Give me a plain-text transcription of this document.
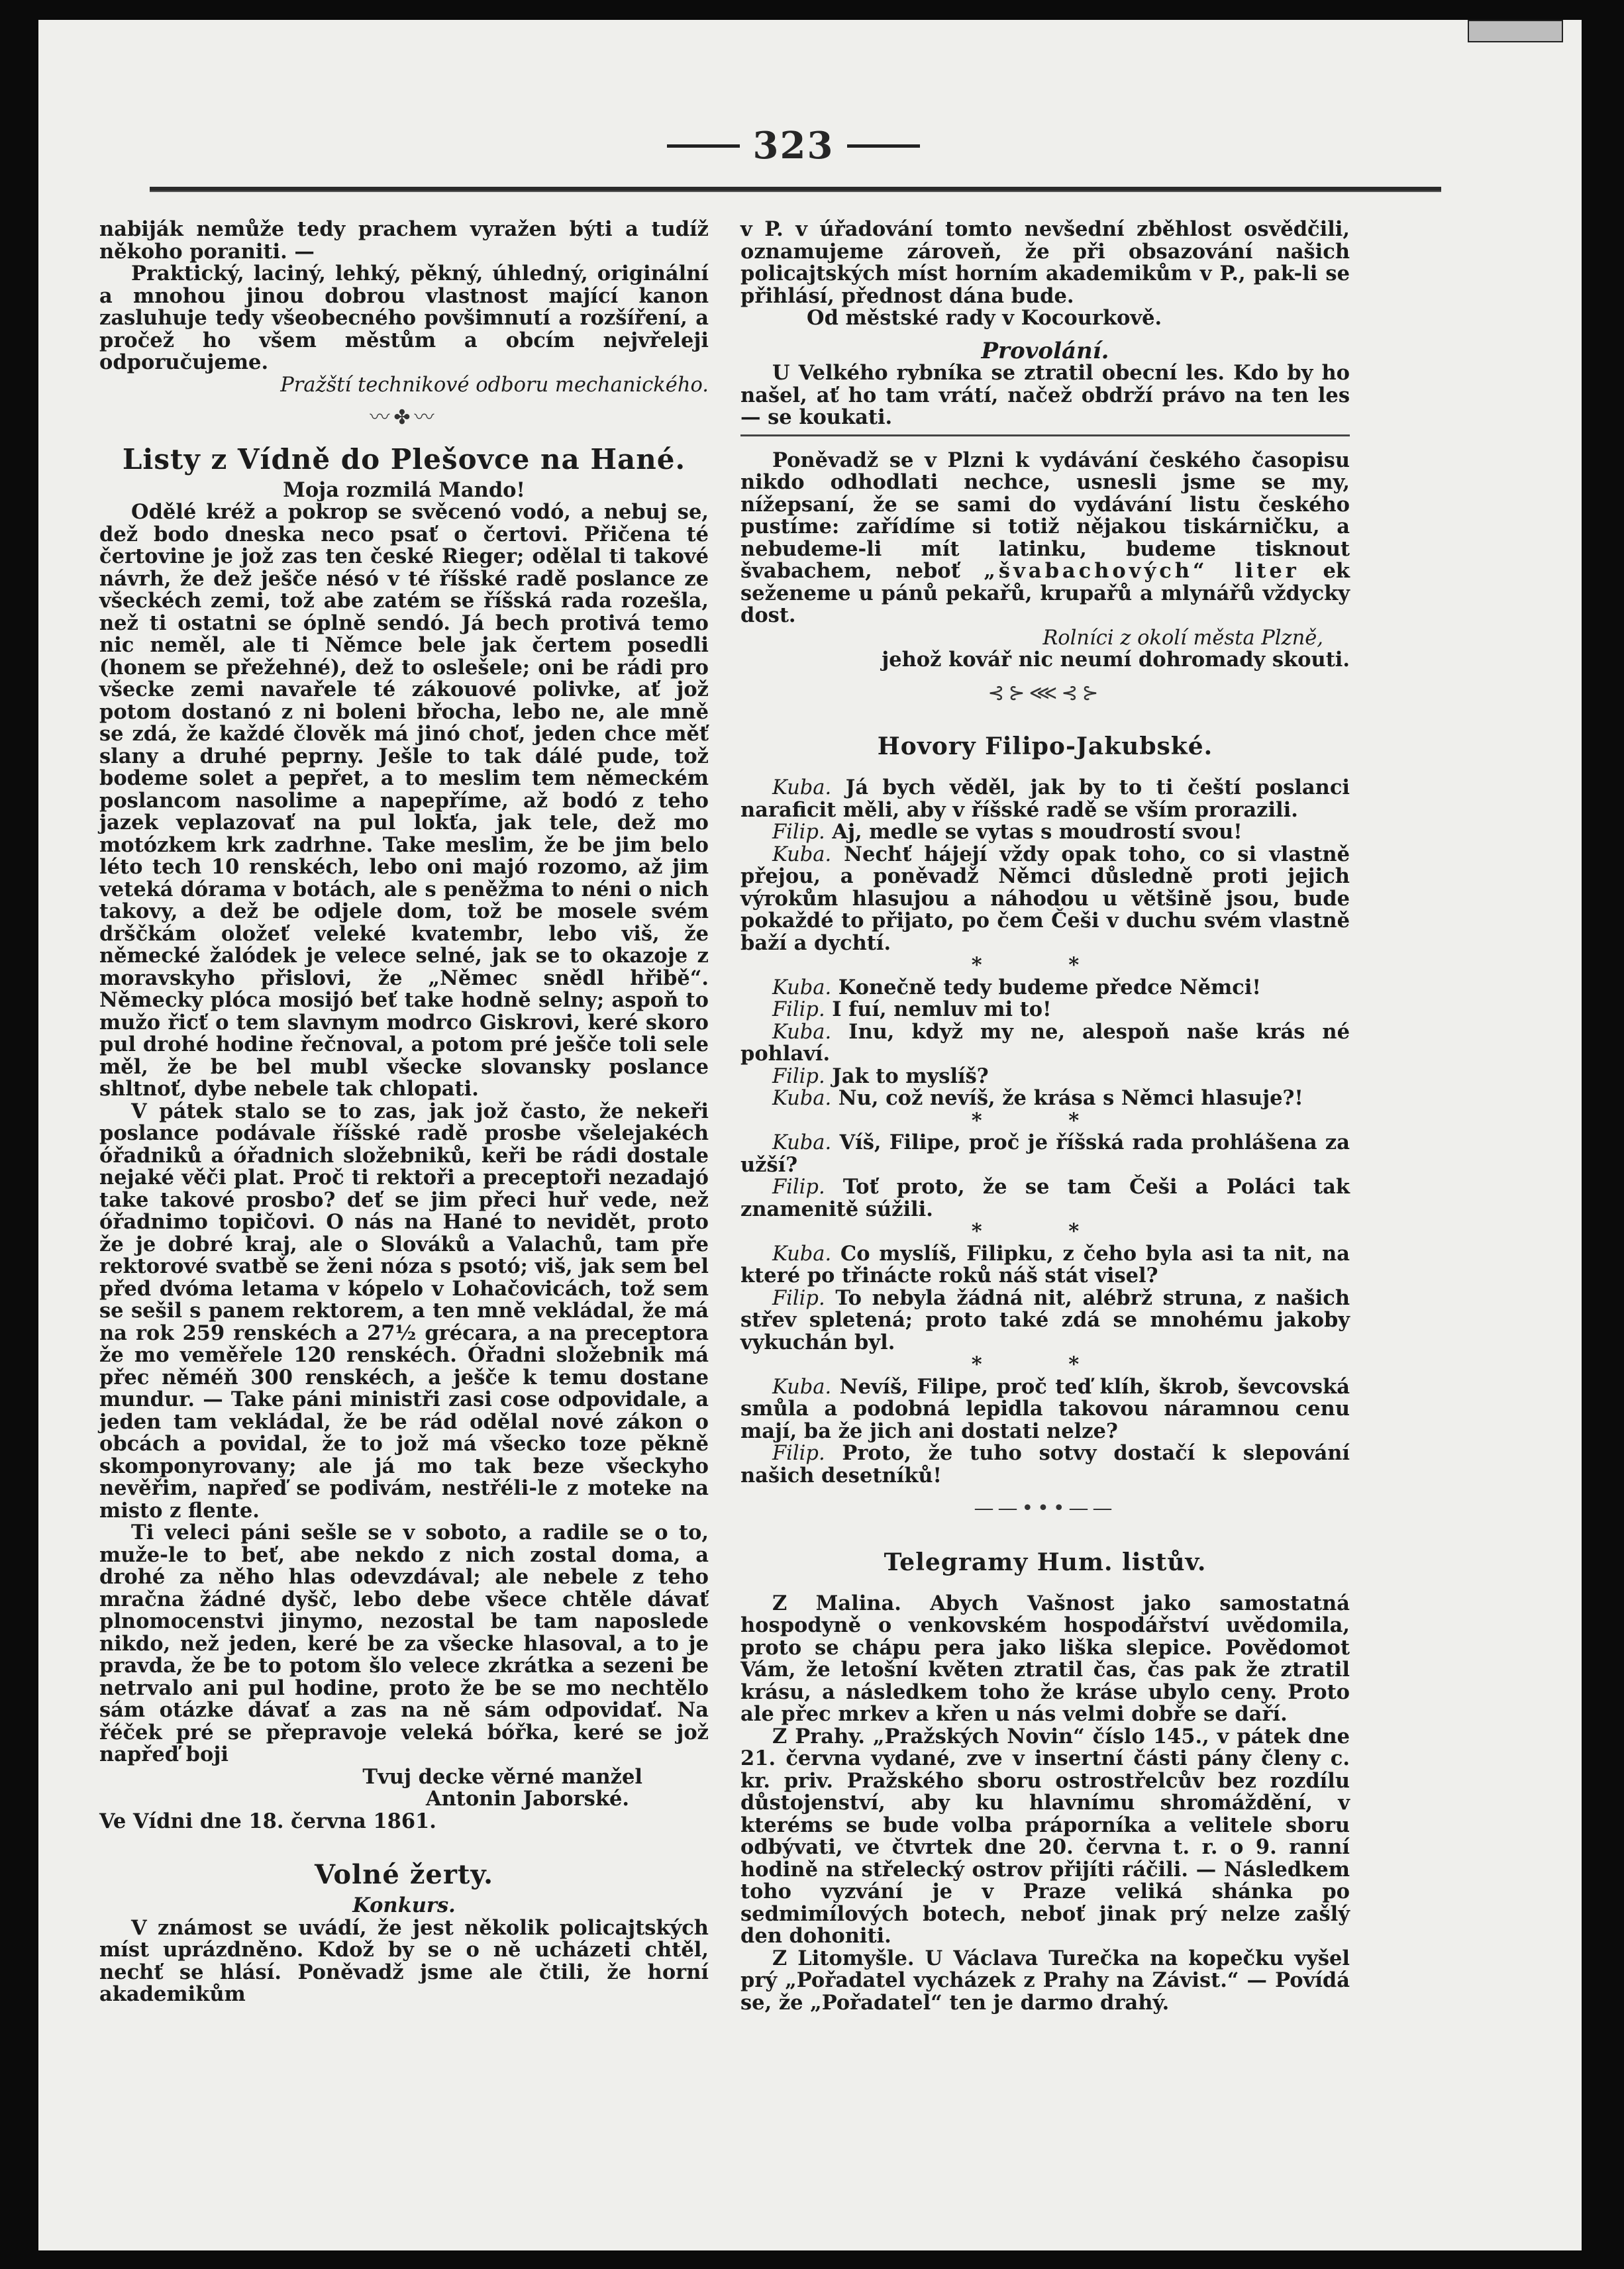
323

nabiják nemůže tedy prachem vyražen býti a tudíž někoho poraniti. —

Praktický, laciný, lehký, pěkný, úhledný, originální a mnohou jinou dobrou vlastnost mající kanon zasluhuje tedy všeobecného povšimnutí a rozšíření, a pročež ho všem městům a obcím nejvřeleji odporučujeme.

Pražští technikové odboru mechanického.

〰✤〰

Listy z Vídně do Plešovce na Hané.

Moja rozmilá Mando!

Odělé kréž a pokrop se svěcenó vodó, a nebuj se, dež bodo dneska neco psať o čertovi. Přičena té čertovine je jož zas ten české Rieger; odělal ti takové návrh, že dež ješče nésó v té říšské radě poslance ze všeckéch zemi, tož abe zatém se říšská rada rozešla, než ti ostatni se óplně sendó. Já bech protivá temo nic neměl, ale ti Němce bele jak čertem posedli (honem se přežehné), dež to oslešele; oni be rádi pro všecke zemi navařele té zákouové polivke, ať jož potom dostanó z ni boleni břocha, lebo ne, ale mně se zdá, že každé člověk má jinó choť, jeden chce měť slany a druhé peprny. Ješle to tak dálé pude, tož bodeme solet a pepřet, a to meslim tem německém poslancom nasolime a napepříme, až bodó z teho jazek veplazovať na pul lokťa, jak tele, dež mo motózkem krk zadrhne. Take meslim, že be jim belo léto tech 10 renskéch, lebo oni majó rozomo, až jim veteká dórama v botách, ale s peněžma to néni o nich takovy, a dež be odjele dom, tož be mosele svém drščkám oložeť veleké kvatembr, lebo viš, že německé žalódek je velece selné, jak se to okazoje z moravskyho přislovi, že „Němec snědl hřibě“. Německy plóca mosijó beť take hodně selny; aspoň to mužo řicť o tem slavnym modrco Giskrovi, keré skoro pul drohé hodine řečnoval, a potom pré ješče toli sele měl, že be bel mubl všecke slovansky poslance shltnoť, dybe nebele tak chlopati.

V pátek stalo se to zas, jak jož často, že nekeři poslance podávale říšské radě prosbe všelejakéch óřadniků a óřadnich složebniků, keři be rádi dostale nejaké věči plat. Proč ti rektoři a preceptoři nezadajó take takové prosbo? deť se jim přeci huř vede, než óřadnimo topičovi. O nás na Hané to nevidět, proto že je dobré kraj, ale o Slováků a Valachů, tam pře rektorové svatbě se ženi nóza s psotó; viš, jak sem bel před dvóma letama v kópelo v Lohačovicách, tož sem se sešil s panem rektorem, a ten mně vekládal, že má na rok 259 renskéch a 27½ grécara, a na preceptora že mo veměřele 120 renskéch. Óřadni složebnik má přec něméň 300 renskéch, a ješče k temu dostane mundur. — Take páni ministři zasi cose odpovidale, a jeden tam vekládal, že be rád odělal nové zákon o obcách a povidal, že to jož má všecko toze pěkně skomponyrovany; ale já mo tak beze všeckyho nevěřim, napřeď se podivám, nestřéli-le z moteke na misto z flente.

Ti veleci páni sešle se v soboto, a radile se o to, muže-le to beť, abe nekdo z nich zostal doma, a drohé za něho hlas odevzdával; ale nebele z teho mračna žádné dyšč, lebo debe všece chtěle dávať plnomocenstvi jinymo, nezostal be tam naposlede nikdo, než jeden, keré be za všecke hlasoval, a to je pravda, že be to potom šlo velece zkrátka a sezeni be netrvalo ani pul hodine, proto že be se mo nechtělo sám otázke dávať a zas na ně sám odpovidať. Na řéček pré se přepravoje veleká bóřka, keré se jož napřeď boji

Tvuj decke věrné manžel

Antonin Jaborské.

Ve Vídni dne 18. června 1861.

Volné žerty.

Konkurs.

V známost se uvádí, že jest několik policajtských míst uprázdněno. Kdož by se o ně ucházeti chtěl, nechť se hlásí. Poněvadž jsme ale čtili, že horní akademikům

v P. v úřadování tomto nevšední zběhlost osvědčili, oznamujeme zároveň, že při obsazování našich policajtských míst horním akademikům v P., pak-li se přihlásí, přednost dána bude.

Od městské rady v Kocourkově.

Provolání.

U Velkého rybníka se ztratil obecní les. Kdo by ho našel, ať ho tam vrátí, načež obdrží právo na ten les — se koukati.

Poněvadž se v Plzni k vydávání českého časopisu nikdo odhodlati nechce, usnesli jsme se my, nížepsaní, že se sami do vydávání listu českého pustíme: zařídíme si totiž nějakou tiskárničku, a nebudeme-li mít latinku, budeme tisknout švabachem, neboť „švabachových“ liter ek seženeme u pánů pekařů, krupařů a mlynářů vždycky dost.

Rolníci z okolí města Plzně,

jehož kovář nic neumí dohromady skouti.

⊰⊱⋘⊰⊱

Hovory Filipo-Jakubské.

Kuba. Já bych věděl, jak by to ti čeští poslanci naraficit měli, aby v říšské radě se vším prorazili.

Filip. Aj, medle se vytas s moudrostí svou!

Kuba. Nechť hájejí vždy opak toho, co si vlastně přejou, a poněvadž Němci důsledně proti jejich výrokům hlasujou a náhodou u většině jsou, bude pokaždé to přijato, po čem Češi v duchu svém vlastně baží a dychtí.

* *

Kuba. Konečně tedy budeme předce Němci!

Filip. I fuí, nemluv mi to!

Kuba. Inu, když my ne, alespoň naše krás né pohlaví.

Filip. Jak to myslíš?

Kuba. Nu, což nevíš, že krása s Němci hlasuje?!

* *

Kuba. Víš, Filipe, proč je říšská rada prohlášena za užší?

Filip. Toť proto, že se tam Češi a Poláci tak znamenitě súžili.

* *

Kuba. Co myslíš, Filipku, z čeho byla asi ta nit, na které po třinácte roků náš stát visel?

Filip. To nebyla žádná nit, alébrž struna, z našich střev spletená; proto také zdá se mnohému jakoby vykuchán byl.

* *

Kuba. Nevíš, Filipe, proč teď klíh, škrob, ševcovská smůla a podobná lepidla takovou náramnou cenu mají, ba že jich ani dostati nelze?

Filip. Proto, že tuho sotvy dostačí k slepování našich desetníků!

——•••——

Telegramy Hum. listův.

Z Malina. Abych Vašnost jako samostatná hospodyně o venkovském hospodářství uvědomila, proto se chápu pera jako liška slepice. Povědomot Vám, že letošní květen ztratil čas, čas pak že ztratil krásu, a následkem toho že kráse ubylo ceny. Proto ale přec mrkev a křen u nás velmi dobře se daří.

Z Prahy. „Pražských Novin“ číslo 145., v pátek dne 21. června vydané, zve v insertní části pány členy c. kr. priv. Pražského sboru ostrostřelcův bez rozdílu důstojenství, aby ku hlavnímu shromáždění, v kteréms se bude volba práporníka a velitele sboru odbývati, ve čtvrtek dne 20. června t. r. o 9. ranní hodině na střelecký ostrov přijíti ráčili. — Následkem toho vyzvání je v Praze veliká shánka po sedmimílových botech, neboť jinak prý nelze zašlý den dohoniti.

Z Litomyšle. U Václava Turečka na kopečku vyšel prý „Pořadatel vycházek z Prahy na Závist.“ — Povídá se, že „Pořadatel“ ten je darmo drahý.
